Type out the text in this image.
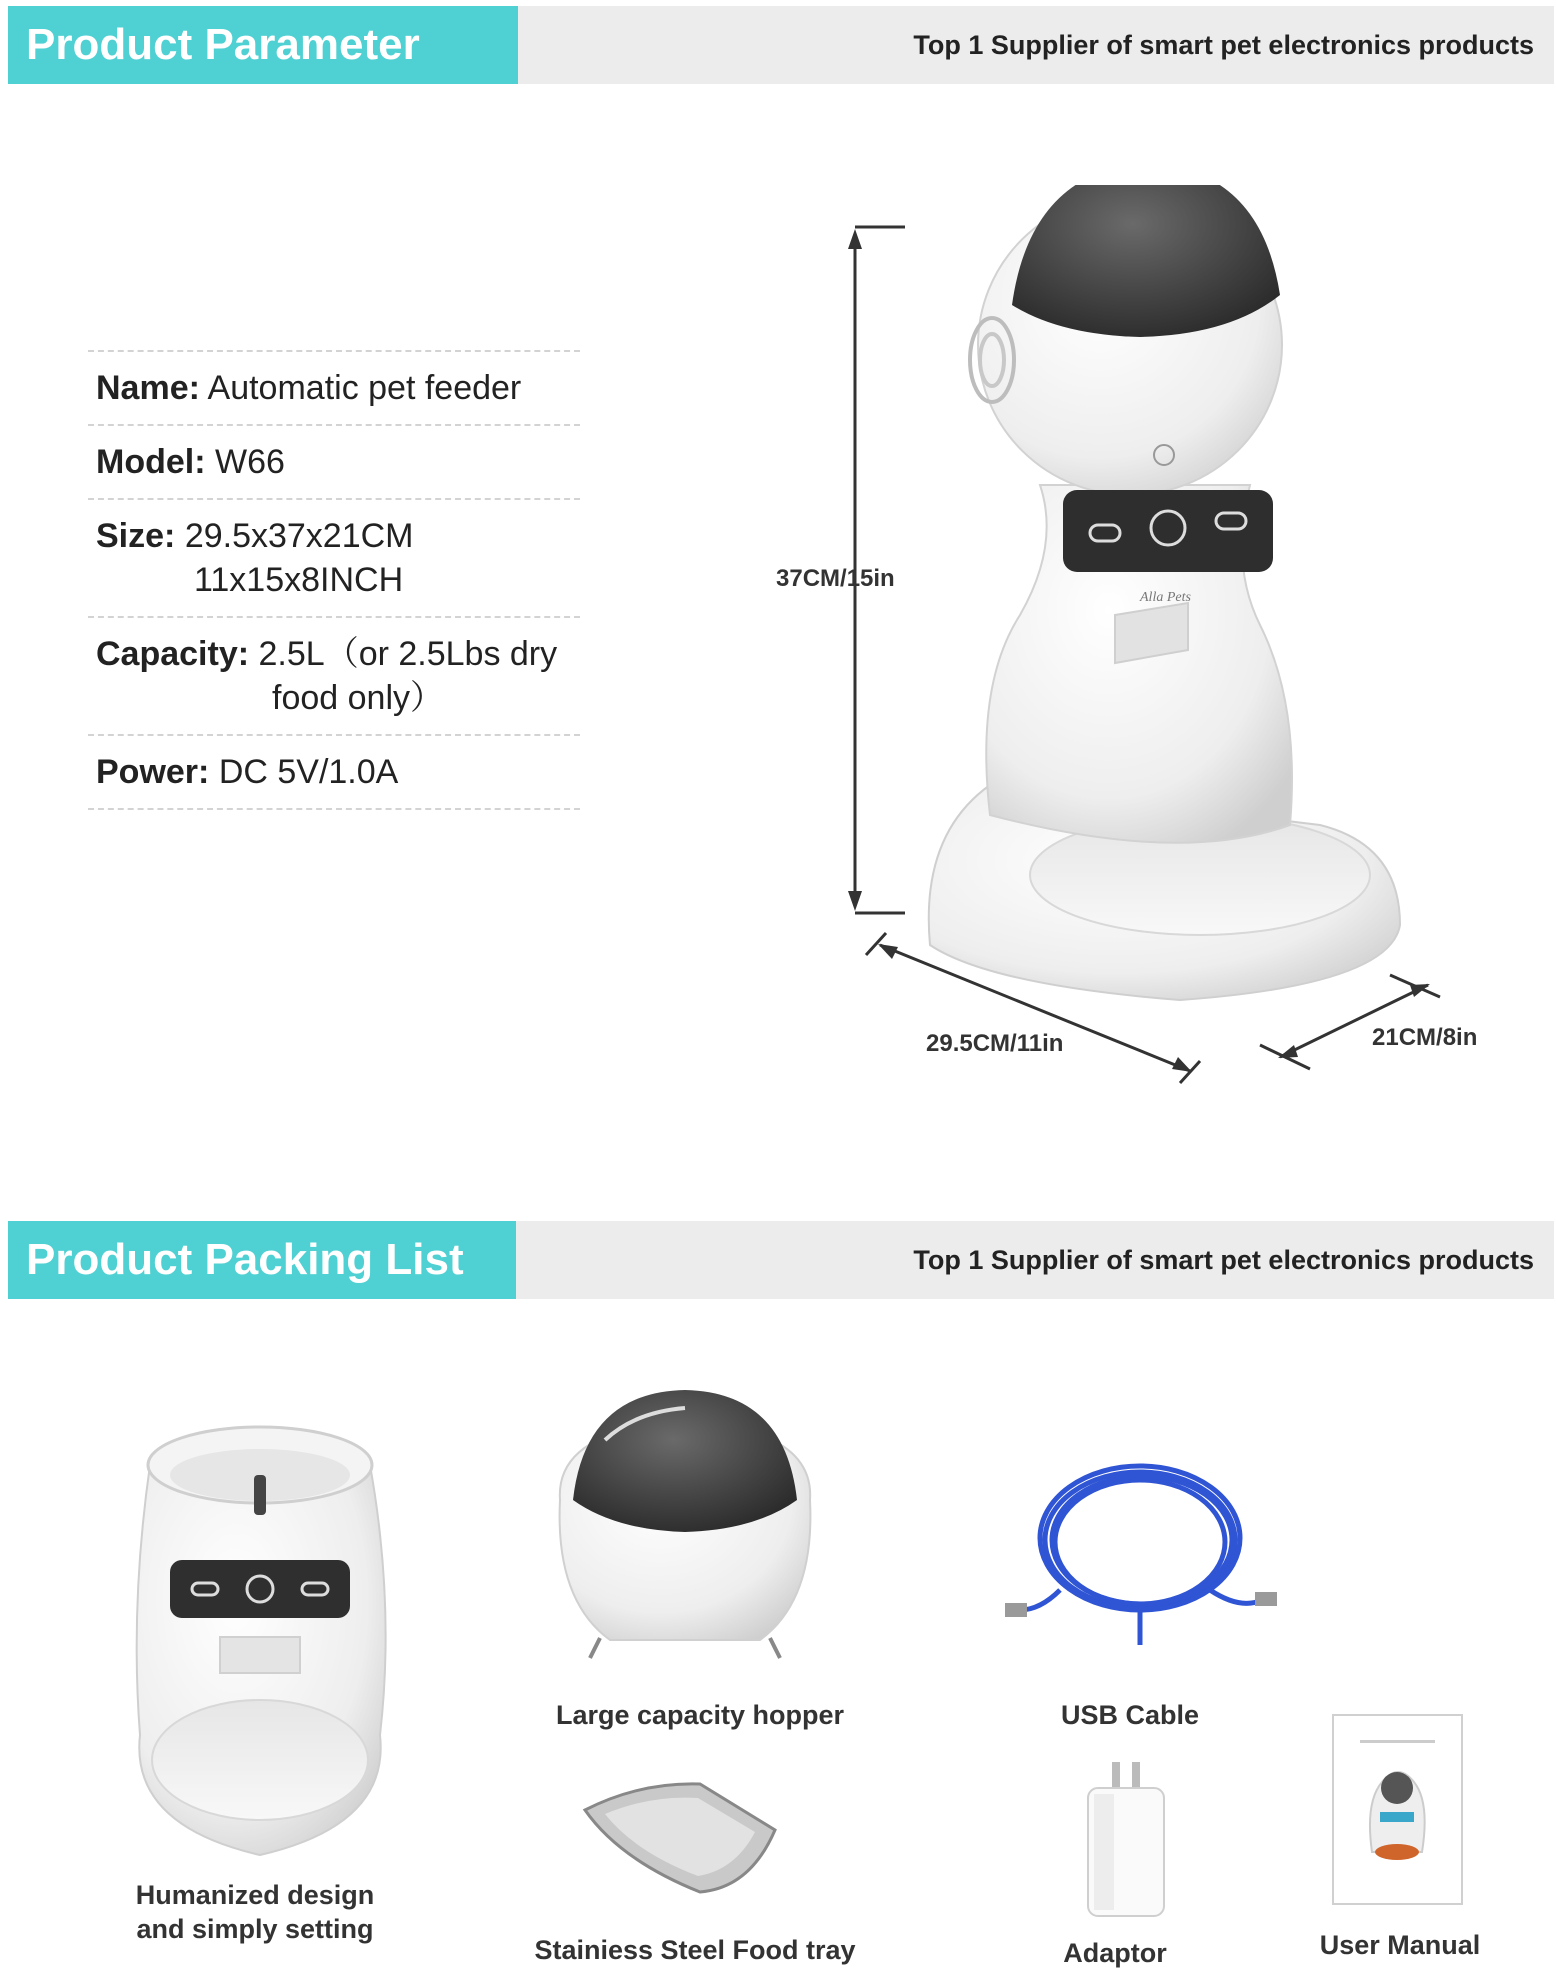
Product Parameter	Top 1 Supplier of smart pet electronics products
Name: Automatic pet feeder
Model: W66
Size: 29.5x37x21CM
11x15x8INCH
Capacity: 2.5L（or 2.5Lbs dry
food only）
Power: DC 5V/1.0A
37CM/15in
29.5CM/11in	21CM/8in
Alla Pets
Product Packing List	Top 1 Supplier of smart pet electronics products
Humanized design
and simply setting
Large capacity hopper	USB Cable
Stainiess Steel Food tray	Adaptor	User Manual
